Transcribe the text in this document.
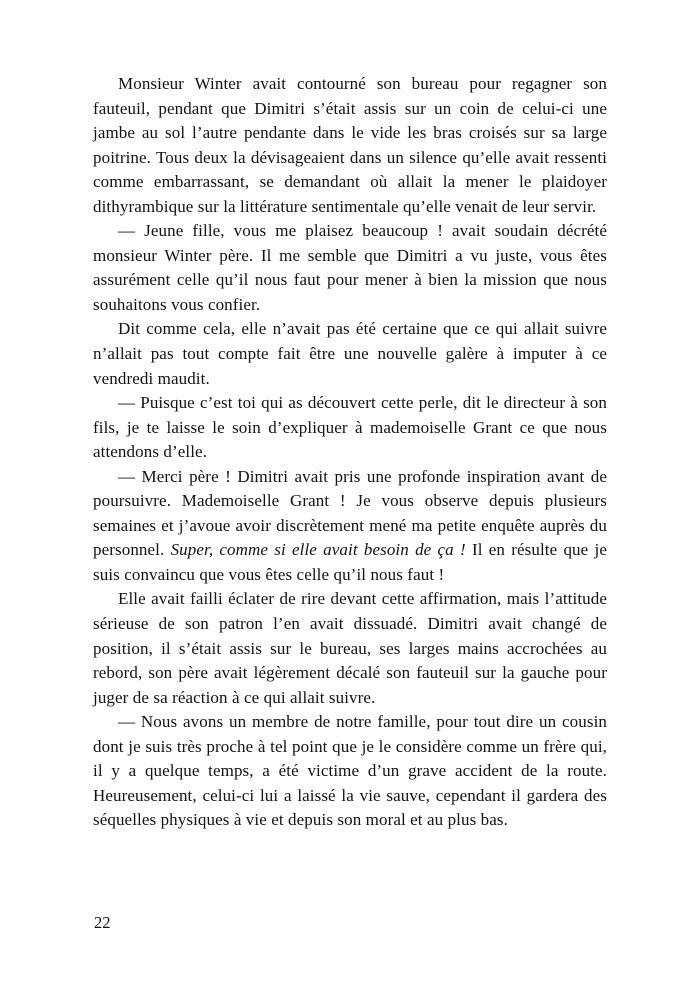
Monsieur Winter avait contourné son bureau pour regagner son fauteuil, pendant que Dimitri s’était assis sur un coin de celui-ci une jambe au sol l’autre pendante dans le vide les bras croisés sur sa large poitrine. Tous deux la dévisageaient dans un silence qu’elle avait ressenti comme embarrassant, se demandant où allait la mener le plaidoyer dithyrambique sur la littérature sentimentale qu’elle venait de leur servir.

— Jeune fille, vous me plaisez beaucoup ! avait soudain décrété monsieur Winter père. Il me semble que Dimitri a vu juste, vous êtes assurément celle qu’il nous faut pour mener à bien la mission que nous souhaitons vous confier.

Dit comme cela, elle n’avait pas été certaine que ce qui allait suivre n’allait pas tout compte fait être une nouvelle galère à imputer à ce vendredi maudit.

— Puisque c’est toi qui as découvert cette perle, dit le directeur à son fils, je te laisse le soin d’expliquer à mademoiselle Grant ce que nous attendons d’elle.

— Merci père ! Dimitri avait pris une profonde inspiration avant de poursuivre. Mademoiselle Grant ! Je vous observe depuis plusieurs semaines et j’avoue avoir discrètement mené ma petite enquête auprès du personnel. Super, comme si elle avait besoin de ça ! Il en résulte que je suis convaincu que vous êtes celle qu’il nous faut !

Elle avait failli éclater de rire devant cette affirmation, mais l’attitude sérieuse de son patron l’en avait dissuadé. Dimitri avait changé de position, il s’était assis sur le bureau, ses larges mains accrochées au rebord, son père avait légèrement décalé son fauteuil sur la gauche pour juger de sa réaction à ce qui allait suivre.

— Nous avons un membre de notre famille, pour tout dire un cousin dont je suis très proche à tel point que je le considère comme un frère qui, il y a quelque temps, a été victime d’un grave accident de la route. Heureusement, celui-ci lui a laissé la vie sauve, cependant il gardera des séquelles physiques à vie et depuis son moral et au plus bas.

22
